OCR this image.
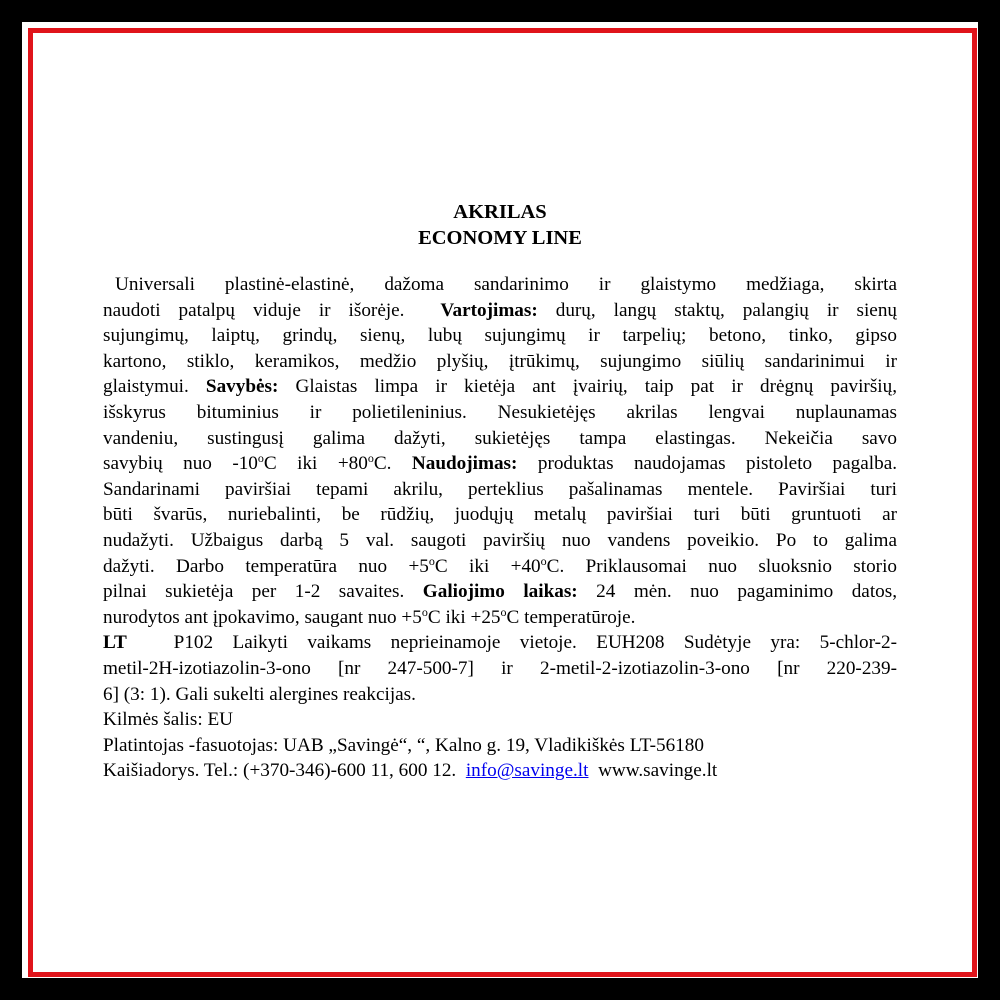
AKRILAS
ECONOMY LINE

Universali plastinė-elastinė, dažoma sandarinimo ir glaistymo medžiaga, skirta

naudoti patalpų viduje ir išorėje. Vartojimas: durų, langų staktų, palangių ir sienų

sujungimų, laiptų, grindų, sienų, lubų sujungimų ir tarpelių; betono, tinko, gipso

kartono, stiklo, keramikos, medžio plyšių, įtrūkimų, sujungimo siūlių sandarinimui ir

glaistymui. Savybės: Glaistas limpa ir kietėja ant įvairių, taip pat ir drėgnų paviršių,

išskyrus bituminius ir polietileninius. Nesukietėjęs akrilas lengvai nuplaunamas

vandeniu, sustingusį galima dažyti, sukietėjęs tampa elastingas. Nekeičia savo

savybių nuo -10$^o$C iki $+80^oC$. Naudojimas: produktas naudojamas pistoleto pagalba.

Sandarinami paviršiai tepami akrilu, perteklius pašalinamas mentele. Paviršiai turi

būti švarūs, nuriebalinti, be rūdžių, juodųjų metalų paviršiai turi būti gruntuoti ar

nudažyti. Užbaigus darbą 5 val. saugoti paviršių nuo vandens poveikio. Po to galima

dažyti. Darbo temperatūra nuo $+5^oC$ iki $+40^oC$. Priklausomai nuo sluoksnio storio

pilnai sukietėja per 1-2 savaites. Galiojimo laikas: 24 mėn. nuo pagaminimo datos,

nurodytos ant įpokavimo, saugant nuo $+5^oC$ iki $+25^oC$ temperatūroje.

LT P102 Laikyti vaikams neprieinamoje vietoje. EUH208 Sudėtyje yra: 5-chlor-2-

metil-2H-izotiazolin-3-ono [nr 247-500-7] ir 2-metil-2-izotiazolin-3-ono [nr 220-239-

6] (3: 1). Gali sukelti alergines reakcijas.

Kilmės šalis: EU

Platintojas -fasuotojas: UAB „Savingė“, “, Kalno g. 19, Vladikiškės LT-56180

Kaišiadorys. Tel.: (+370-346)-600 11, 600 12. info@savinge.lt www.savinge.lt
